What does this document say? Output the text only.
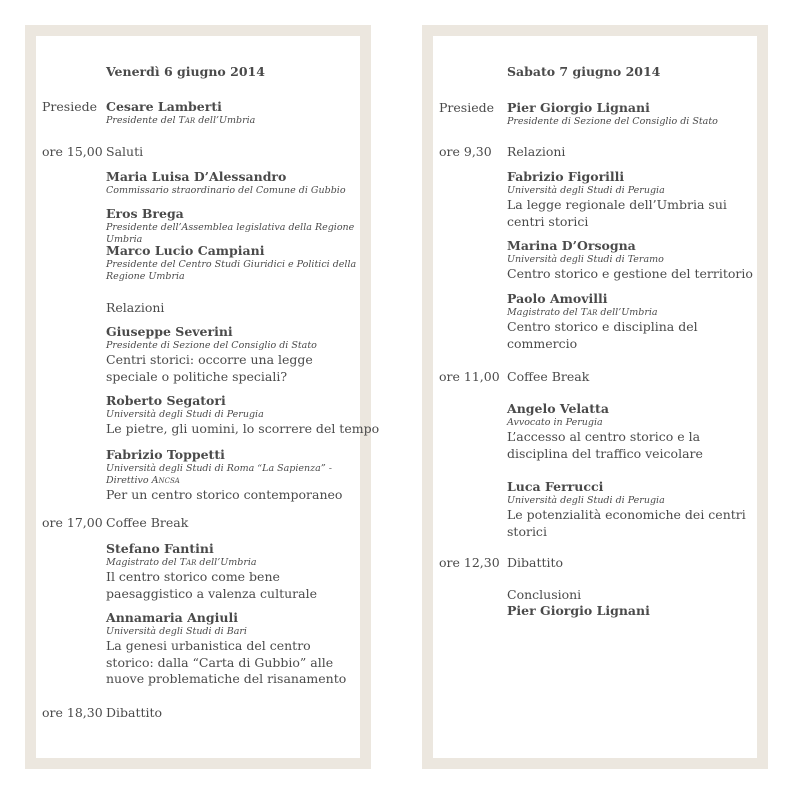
Venerdì 6 giugno 2014
Presiede Cesare Lamberti
Presidente del Tar dell’Umbria
ore 15,00 Saluti
Maria Luisa D’Alessandro
Commissario straordinario del Comune di Gubbio
Eros Brega
Presidente dell’Assemblea legislativa della Regione Umbria
Marco Lucio Campiani
Presidente del Centro Studi Giuridici e Politici della Regione Umbria
Relazioni
Giuseppe Severini
Presidente di Sezione del Consiglio di Stato
Centri storici: occorre una legge speciale o politiche speciali?
Roberto Segatori
Università degli Studi di Perugia
Le pietre, gli uomini, lo scorrere del tempo
Fabrizio Toppetti
Università degli Studi di Roma “La Sapienza” - Direttivo Ancsa
Per un centro storico contemporaneo
ore 17,00 Coffee Break
Stefano Fantini
Magistrato del Tar dell’Umbria
Il centro storico come bene paesaggistico a valenza culturale
Annamaria Angiuli
Università degli Studi di Bari
La genesi urbanistica del centro storico: dalla “Carta di Gubbio” alle nuove problematiche del risanamento
ore 18,30 Dibattito
Sabato 7 giugno 2014
Presiede Pier Giorgio Lignani
Presidente di Sezione del Consiglio di Stato
ore 9,30 Relazioni
Fabrizio Figorilli
Università degli Studi di Perugia
La legge regionale dell’Umbria sui centri storici
Marina D’Orsogna
Università degli Studi di Teramo
Centro storico e gestione del territorio
Paolo Amovilli
Magistrato del Tar dell’Umbria
Centro storico e disciplina del commercio
ore 11,00 Coffee Break
Angelo Velatta
Avvocato in Perugia
L’accesso al centro storico e la disciplina del traffico veicolare
Luca Ferrucci
Università degli Studi di Perugia
Le potenzialità economiche dei centri storici
ore 12,30 Dibattito
Conclusioni
Pier Giorgio Lignani
